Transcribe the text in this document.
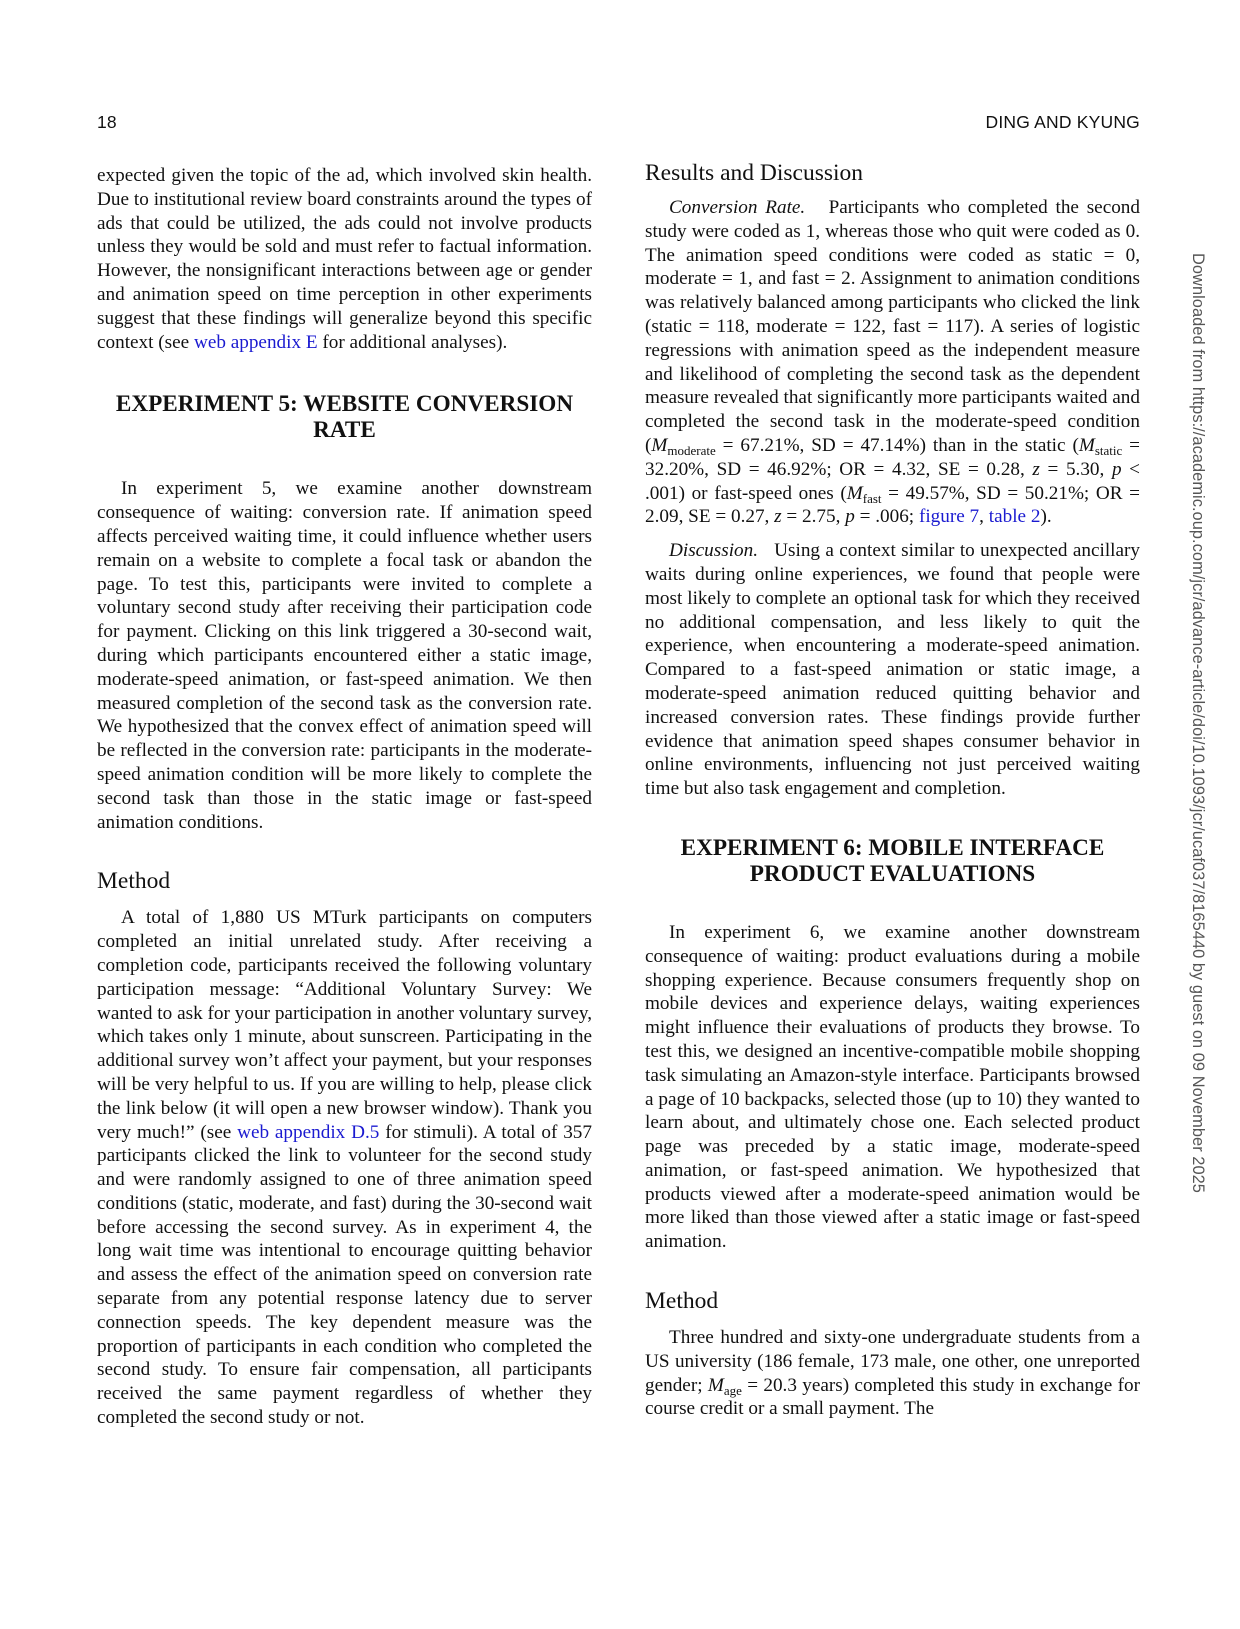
18	DING AND KYUNG

expected given the topic of the ad, which involved skin health. Due to institutional review board constraints around the types of ads that could be utilized, the ads could not involve products unless they would be sold and must refer to factual information. However, the nonsignificant interactions between age or gender and animation speed on time perception in other experiments suggest that these findings will generalize beyond this specific context (see web appendix E for additional analyses).

EXPERIMENT 5: WEBSITE CONVERSION RATE

In experiment 5, we examine another downstream consequence of waiting: conversion rate. If animation speed affects perceived waiting time, it could influence whether users remain on a website to complete a focal task or abandon the page. To test this, participants were invited to complete a voluntary second study after receiving their participation code for payment. Clicking on this link triggered a 30-second wait, during which participants encountered either a static image, moderate-speed animation, or fast-speed animation. We then measured completion of the second task as the conversion rate. We hypothesized that the convex effect of animation speed will be reflected in the conversion rate: participants in the moderate-speed animation condition will be more likely to complete the second task than those in the static image or fast-speed animation conditions.

Method

A total of 1,880 US MTurk participants on computers completed an initial unrelated study. After receiving a completion code, participants received the following voluntary participation message: “Additional Voluntary Survey: We wanted to ask for your participation in another voluntary survey, which takes only 1 minute, about sunscreen. Participating in the additional survey won’t affect your payment, but your responses will be very helpful to us. If you are willing to help, please click the link below (it will open a new browser window). Thank you very much!” (see web appendix D.5 for stimuli). A total of 357 participants clicked the link to volunteer for the second study and were randomly assigned to one of three animation speed conditions (static, moderate, and fast) during the 30-second wait before accessing the second survey. As in experiment 4, the long wait time was intentional to encourage quitting behavior and assess the effect of the animation speed on conversion rate separate from any potential response latency due to server connection speeds. The key dependent measure was the proportion of participants in each condition who completed the second study. To ensure fair compensation, all participants received the same payment regardless of whether they completed the second study or not.

Results and Discussion

Conversion Rate. Participants who completed the second study were coded as 1, whereas those who quit were coded as 0. The animation speed conditions were coded as static = 0, moderate = 1, and fast = 2. Assignment to animation conditions was relatively balanced among participants who clicked the link (static = 118, moderate = 122, fast = 117). A series of logistic regressions with animation speed as the independent measure and likelihood of completing the second task as the dependent measure revealed that significantly more participants waited and completed the second task in the moderate-speed condition ($M_{moderate} = 67.21\%$, SD = 47.14%) than in the static ($M_{static} = 32.20\%$, SD = 46.92%; OR = 4.32, SE = 0.28, z = 5.30, p < .001) or fast-speed ones ($M_{fast} = 49.57\%$, SD = 50.21%; OR = 2.09, SE = 0.27, z = 2.75, p = .006; figure 7, table 2).

Discussion. Using a context similar to unexpected ancillary waits during online experiences, we found that people were most likely to complete an optional task for which they received no additional compensation, and less likely to quit the experience, when encountering a moderate-speed animation. Compared to a fast-speed animation or static image, a moderate-speed animation reduced quitting behavior and increased conversion rates. These findings provide further evidence that animation speed shapes consumer behavior in online environments, influencing not just perceived waiting time but also task engagement and completion.

EXPERIMENT 6: MOBILE INTERFACE PRODUCT EVALUATIONS

In experiment 6, we examine another downstream consequence of waiting: product evaluations during a mobile shopping experience. Because consumers frequently shop on mobile devices and experience delays, waiting experiences might influence their evaluations of products they browse. To test this, we designed an incentive-compatible mobile shopping task simulating an Amazon-style interface. Participants browsed a page of 10 backpacks, selected those (up to 10) they wanted to learn about, and ultimately chose one. Each selected product page was preceded by a static image, moderate-speed animation, or fast-speed animation. We hypothesized that products viewed after a moderate-speed animation would be more liked than those viewed after a static image or fast-speed animation.

Method

Three hundred and sixty-one undergraduate students from a US university (186 female, 173 male, one other, one unreported gender; $M_{age} = 20.3$ years) completed this study in exchange for course credit or a small payment. The

Downloaded from https://academic.oup.com/jcr/advance-article/doi/10.1093/jcr/ucaf037/8165440 by guest on 09 November 2025
